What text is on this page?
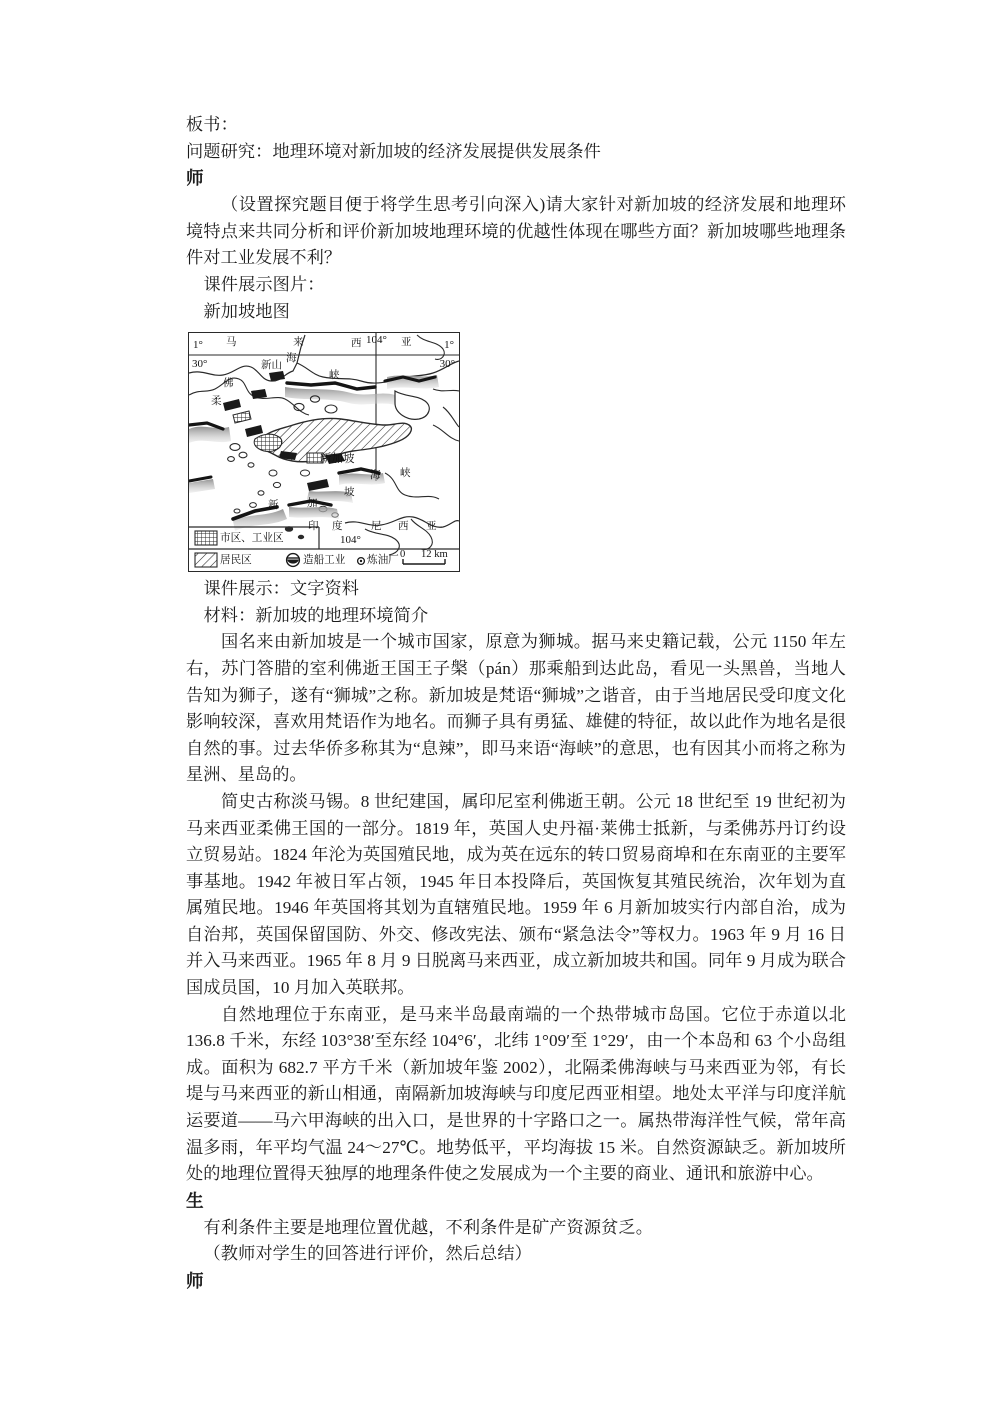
板书：
问题研究：地理环境对新加坡的经济发展提供发展条件
师

（设置探究题目便于将学生思考引向深入)请大家针对新加坡的经济发展和地理环境特点来共同分析和评价新加坡地理环境的优越性体现在哪些方面？新加坡哪些地理条件对工业发展不利？

课件展示图片：
新加坡地图
1°	1°
30°	30°
马	来	西	亚
104°
海
峡
新山
佛
柔
新加坡
海 峡
新	加
坡
印 度	尼 西 亚
104°
市区、工业区
居民区	造船工业 炼油厂
0 12 km
课件展示：文字资料
材料：新加坡的地理环境简介

国名来由新加坡是一个城市国家，原意为狮城。据马来史籍记载，公元 1150 年左右，苏门答腊的室利佛逝王国王子槃（pán）那乘船到达此岛，看见一头黑兽，当地人告知为狮子，遂有“狮城”之称。新加坡是梵语“狮城”之谐音，由于当地居民受印度文化影响较深，喜欢用梵语作为地名。而狮子具有勇猛、雄健的特征，故以此作为地名是很自然的事。过去华侨多称其为“息辣”，即马来语“海峡”的意思，也有因其小而将之称为星洲、星岛的。

简史古称淡马锡。8 世纪建国，属印尼室利佛逝王朝。公元 18 世纪至 19 世纪初为马来西亚柔佛王国的一部分。1819 年，英国人史丹福·莱佛士抵新，与柔佛苏丹订约设立贸易站。1824 年沦为英国殖民地，成为英在远东的转口贸易商埠和在东南亚的主要军事基地。1942 年被日军占领，1945 年日本投降后，英国恢复其殖民统治，次年划为直属殖民地。1946 年英国将其划为直辖殖民地。1959 年 6 月新加坡实行内部自治，成为自治邦，英国保留国防、外交、修改宪法、颁布“紧急法令”等权力。1963 年 9 月 16 日并入马来西亚。1965 年 8 月 9 日脱离马来西亚，成立新加坡共和国。同年 9 月成为联合国成员国，10 月加入英联邦。

自然地理位于东南亚，是马来半岛最南端的一个热带城市岛国。它位于赤道以北 136.8 千米，东经 103°38′至东经 104°6′，北纬 1°09′至 1°29′，由一个本岛和 63 个小岛组成。面积为 682.7 平方千米（新加坡年鉴 2002），北隔柔佛海峡与马来西亚为邻，有长堤与马来西亚的新山相通，南隔新加坡海峡与印度尼西亚相望。地处太平洋与印度洋航运要道——马六甲海峡的出入口，是世界的十字路口之一。属热带海洋性气候，常年高温多雨，年平均气温 24～27℃。地势低平，平均海拔 15 米。自然资源缺乏。新加坡所处的地理位置得天独厚的地理条件使之发展成为一个主要的商业、通讯和旅游中心。

生
有利条件主要是地理位置优越，不利条件是矿产资源贫乏。
（教师对学生的回答进行评价，然后总结）
师
